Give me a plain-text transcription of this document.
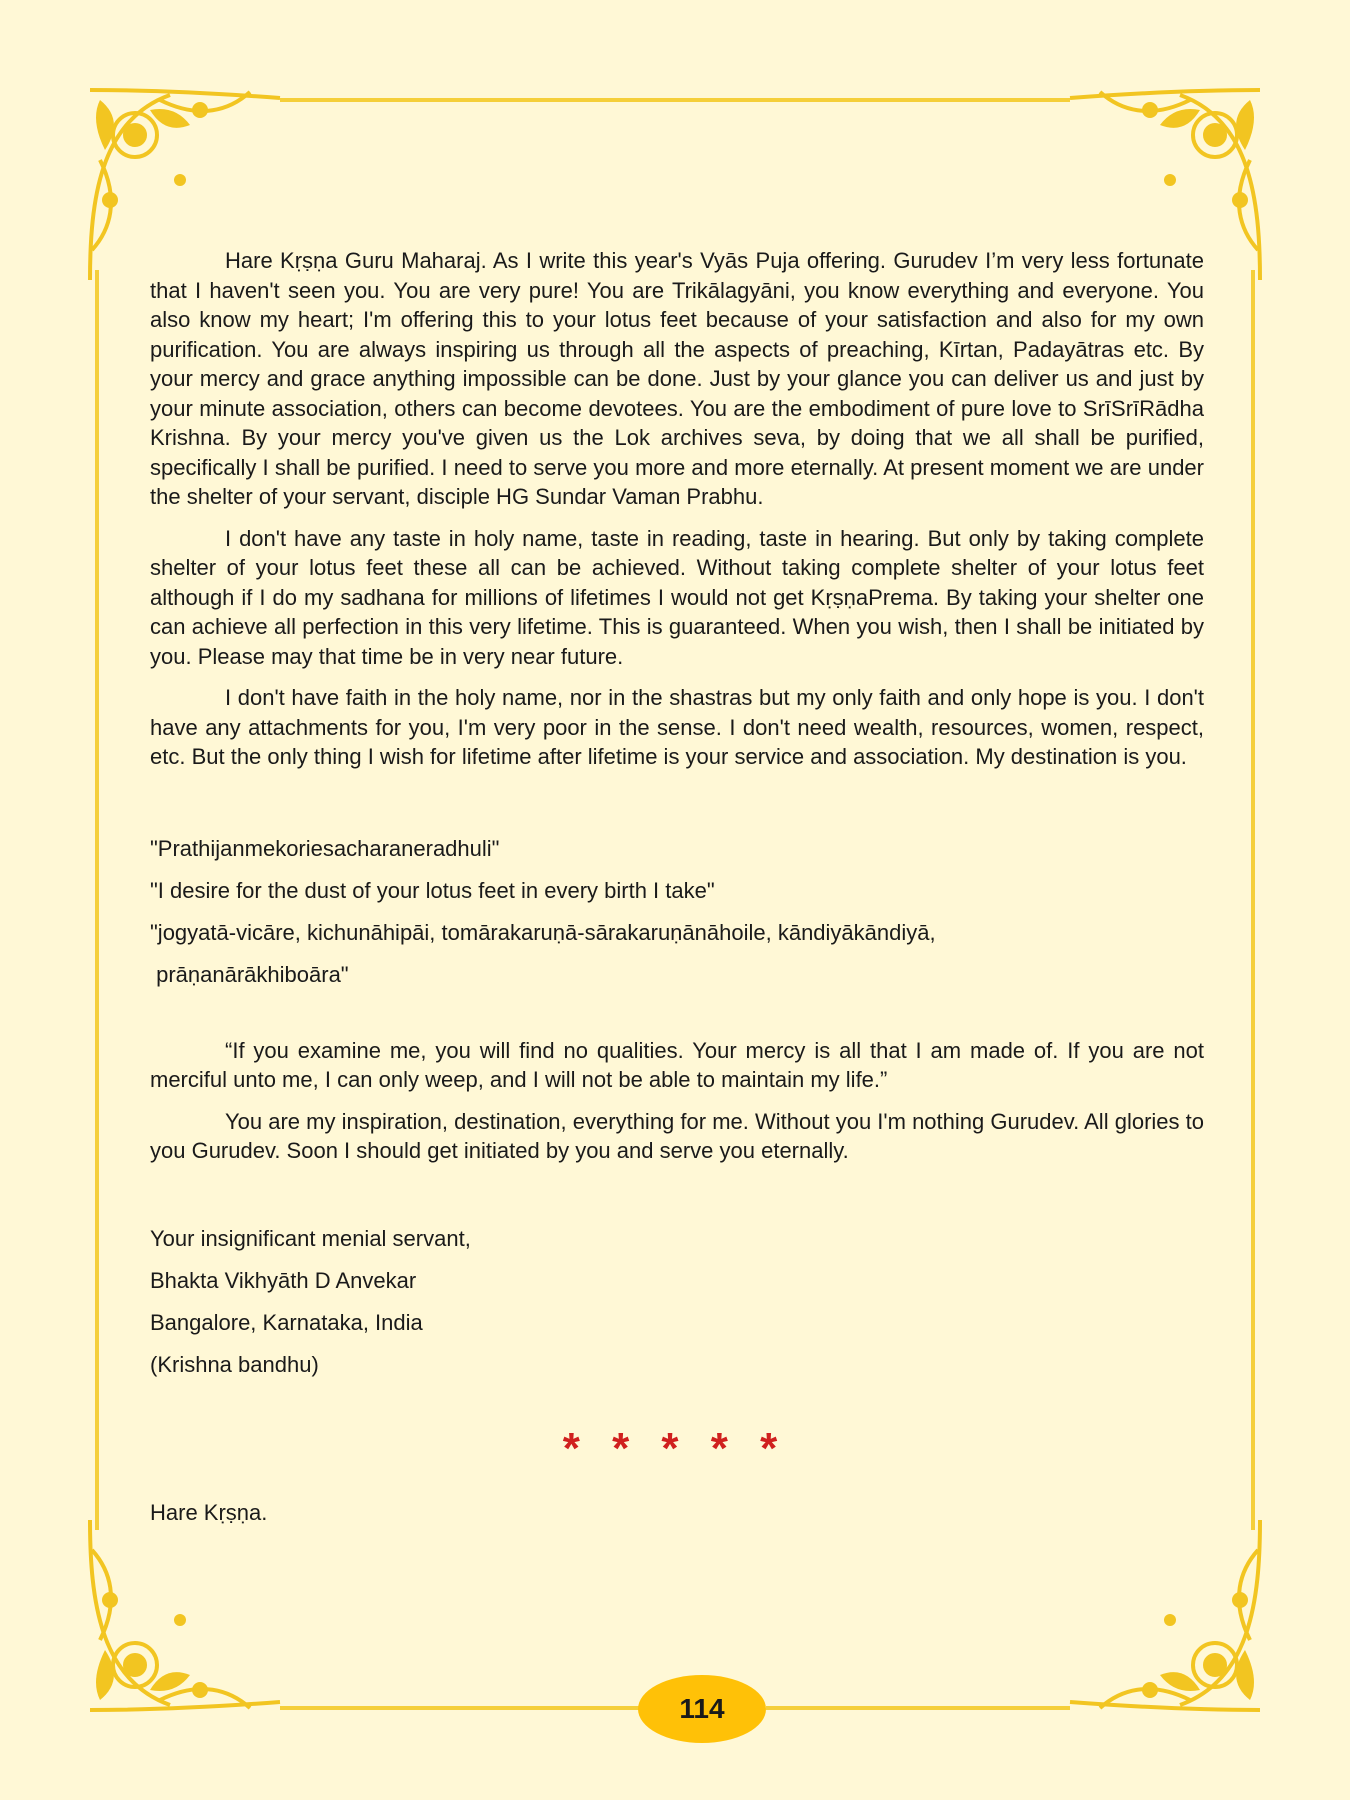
Hare Kṛṣṇa Guru Maharaj. As I write this year's Vyās Puja offering. Gurudev I’m very less fortunate that I haven't seen you. You are very pure! You are Trikālagyāni, you know everything and everyone. You also know my heart; I'm offering this to your lotus feet because of your satisfaction and also for my own purification. You are always inspiring us through all the aspects of preaching, Kīrtan, Padayātras etc. By your mercy and grace anything impossible can be done. Just by your glance you can deliver us and just by your minute association, others can become devotees. You are the embodiment of pure love to SrīSrīRādha Krishna. By your mercy you've given us the Lok archives seva, by doing that we all shall be purified, specifically I shall be purified. I need to serve you more and more eternally. At present moment we are under the shelter of your servant, disciple HG Sundar Vaman Prabhu.

I don't have any taste in holy name, taste in reading, taste in hearing. But only by taking complete shelter of your lotus feet these all can be achieved. Without taking complete shelter of your lotus feet although if I do my sadhana for millions of lifetimes I would not get KṛṣṇaPrema. By taking your shelter one can achieve all perfection in this very lifetime. This is guaranteed. When you wish, then I shall be initiated by you. Please may that time be in very near future.

I don't have faith in the holy name, nor in the shastras but my only faith and only hope is you. I don't have any attachments for you, I'm very poor in the sense. I don't need wealth, resources, women, respect, etc. But the only thing I wish for lifetime after lifetime is your service and association. My destination is you.

"Prathijanmekoriesacharaneradhuli"
"I desire for the dust of your lotus feet in every birth I take"
"jogyatā-vicāre, kichunāhipāi, tomārakaruṇā-sārakaruṇānāhoile, kāndiyākāndiyā,
prāṇanārākhiboāra"

“If you examine me, you will find no qualities. Your mercy is all that I am made of. If you are not merciful unto me, I can only weep, and I will not be able to maintain my life.”

You are my inspiration, destination, everything for me. Without you I'm nothing Gurudev. All glories to you Gurudev. Soon I should get initiated by you and serve you eternally.

Your insignificant menial servant,
Bhakta Vikhyāth D Anvekar
Bangalore, Karnataka, India
(Krishna bandhu)
* * * * *
Hare Kṛṣṇa.
114
